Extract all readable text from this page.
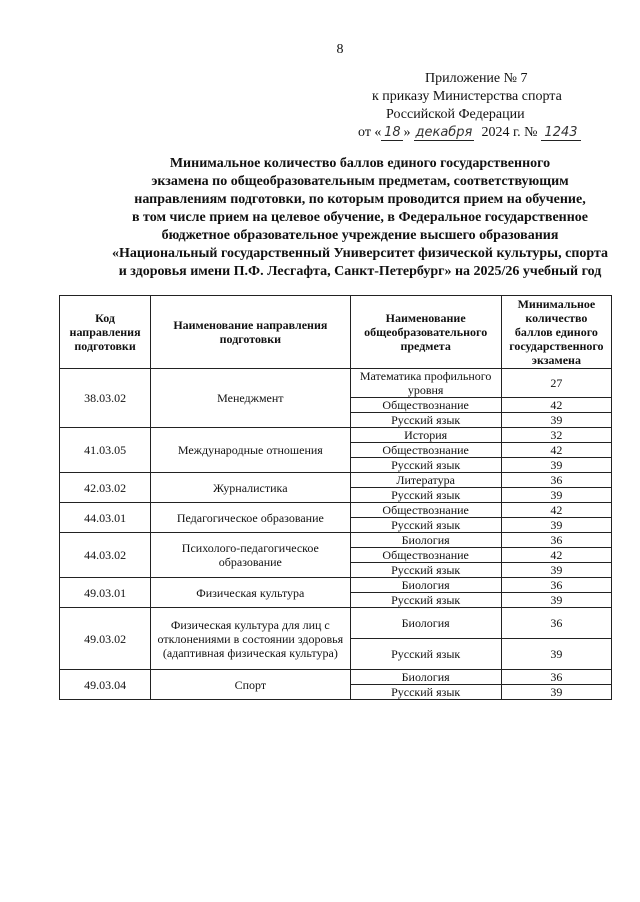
8
Приложение № 7
к приказу Министерства спорта
Российской Федерации
от « 18 » декабря 2024 г. № 1243
Минимальное количество баллов единого государственного
экзамена по общеобразовательным предметам, соответствующим
направлениям подготовки, по которым проводится прием на обучение,
в том числе прием на целевое обучение, в Федеральное государственное
бюджетное образовательное учреждение высшего образования
«Национальный государственный Университет физической культуры, спорта
и здоровья имени П.Ф. Лесгафта, Санкт-Петербург» на 2025/26 учебный год
Код направления подготовки	Наименование направления подготовки	Наименование общеобразовательного предмета	Минимальное количество баллов единого государственного экзамена
38.03.02	Менеджмент	Математика профильного уровня	27
		Обществознание	42
		Русский язык	39
41.03.05	Международные отношения	История	32
		Обществознание	42
		Русский язык	39
42.03.02	Журналистика	Литература	36
		Русский язык	39
44.03.01	Педагогическое образование	Обществознание	42
		Русский язык	39
44.03.02	Психолого-педагогическое образование	Биология	36
		Обществознание	42
		Русский язык	39
49.03.01	Физическая культура	Биология	36
		Русский язык	39
49.03.02	Физическая культура для лиц с отклонениями в состоянии здоровья (адаптивная физическая культура)	Биология	36
		Русский язык	39
49.03.04	Спорт	Биология	36
		Русский язык	39
